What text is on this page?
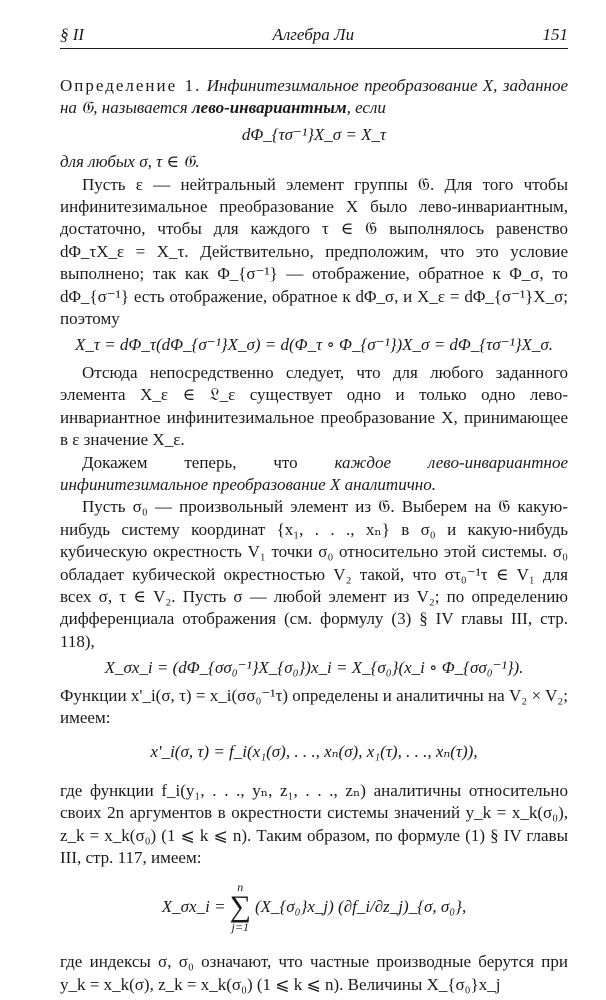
§ II	Алгебра Ли	151

Определение 1. Инфинитезимальное преобразование X, заданное на 𝔊, называется лево-инвариантным, если

dΦ_{τσ⁻¹}X_σ = X_τ

для любых σ, τ ∈ 𝔊.

Пусть ε — нейтральный элемент группы 𝔊. Для того чтобы инфинитезимальное преобразование X было лево-инвариантным, достаточно, чтобы для каждого τ ∈ 𝔊 выполнялось равенство dΦ_τX_ε = X_τ. Действительно, предположим, что это условие выполнено; так как Φ_{σ⁻¹} — отображение, обратное к Φ_σ, то dΦ_{σ⁻¹} есть отображение, обратное к dΦ_σ, и X_ε = dΦ_{σ⁻¹}X_σ; поэтому

X_τ = dΦ_τ(dΦ_{σ⁻¹}X_σ) = d(Φ_τ ∘ Φ_{σ⁻¹})X_σ = dΦ_{τσ⁻¹}X_σ.

Отсюда непосредственно следует, что для любого заданного элемента X_ε ∈ 𝔏_ε существует одно и только одно лево-инвариантное инфинитезимальное преобразование X, принимающее в ε значение X_ε.

Докажем теперь, что каждое лево-инвариантное инфинитезимальное преобразование X аналитично.

Пусть σ₀ — произвольный элемент из 𝔊. Выберем на 𝔊 какую-нибудь систему координат {x₁, . . ., xₙ} в σ₀ и какую-нибудь кубическую окрестность V₁ точки σ₀ относительно этой системы. σ₀ обладает кубической окрестностью V₂ такой, что στ₀⁻¹τ ∈ V₁ для всех σ, τ ∈ V₂. Пусть σ — любой элемент из V₂; по определению дифференциала отображения (см. формулу (3) § IV главы III, стр. 118),

X_σx_i = (dΦ_{σσ₀⁻¹}X_{σ₀})x_i = X_{σ₀}(x_i ∘ Φ_{σσ₀⁻¹}).

Функции x'_i(σ, τ) = x_i(σσ₀⁻¹τ) определены и аналитичны на V₂ × V₂; имеем:

x'_i(σ, τ) = f_i(x₁(σ), . . ., xₙ(σ), x₁(τ), . . ., xₙ(τ)),

где функции f_i(y₁, . . ., yₙ, z₁, . . ., zₙ) аналитичны относительно своих 2n аргументов в окрестности системы значений y_k = x_k(σ₀), z_k = x_k(σ₀) (1 ⩽ k ⩽ n). Таким образом, по формуле (1) § IV главы III, стр. 117, имеем:

X_σx_i =
n
∑
j=1
(X_{σ₀}x_j) (∂f_i/∂z_j)_{σ, σ₀},

где индексы σ, σ₀ означают, что частные производные берутся при y_k = x_k(σ), z_k = x_k(σ₀) (1 ⩽ k ⩽ n). Величины X_{σ₀}x_j
